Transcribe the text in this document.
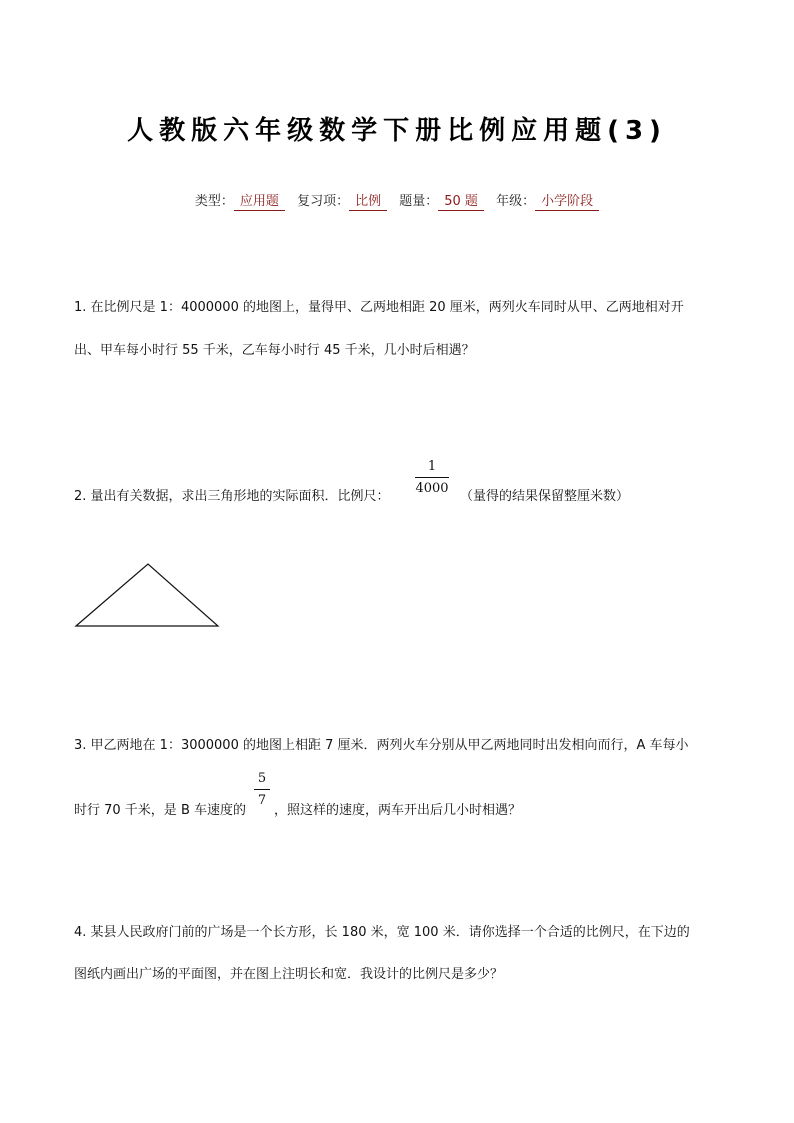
人教版六年级数学下册比例应用题(3)
类型： 应用题 复习项： 比例 题量： 50 题 年级： 小学阶段
1. 在比例尺是 1：4000000 的地图上，量得甲、乙两地相距 20 厘米，两列火车同时从甲、乙两地相对开
出、甲车每小时行 55 千米，乙车每小时行 45 千米，几小时后相遇？
2. 量出有关数据，求出三角形地的实际面积．比例尺：
1
4000
（量得的结果保留整厘米数）
3. 甲乙两地在 1：3000000 的地图上相距 7 厘米．两列火车分别从甲乙两地同时出发相向而行，A 车每小
时行 70 千米，是 B 车速度的
5
7
，照这样的速度，两车开出后几小时相遇？
4. 某县人民政府门前的广场是一个长方形，长 180 米，宽 100 米．请你选择一个合适的比例尺，在下边的
图纸内画出广场的平面图，并在图上注明长和宽．我设计的比例尺是多少？
